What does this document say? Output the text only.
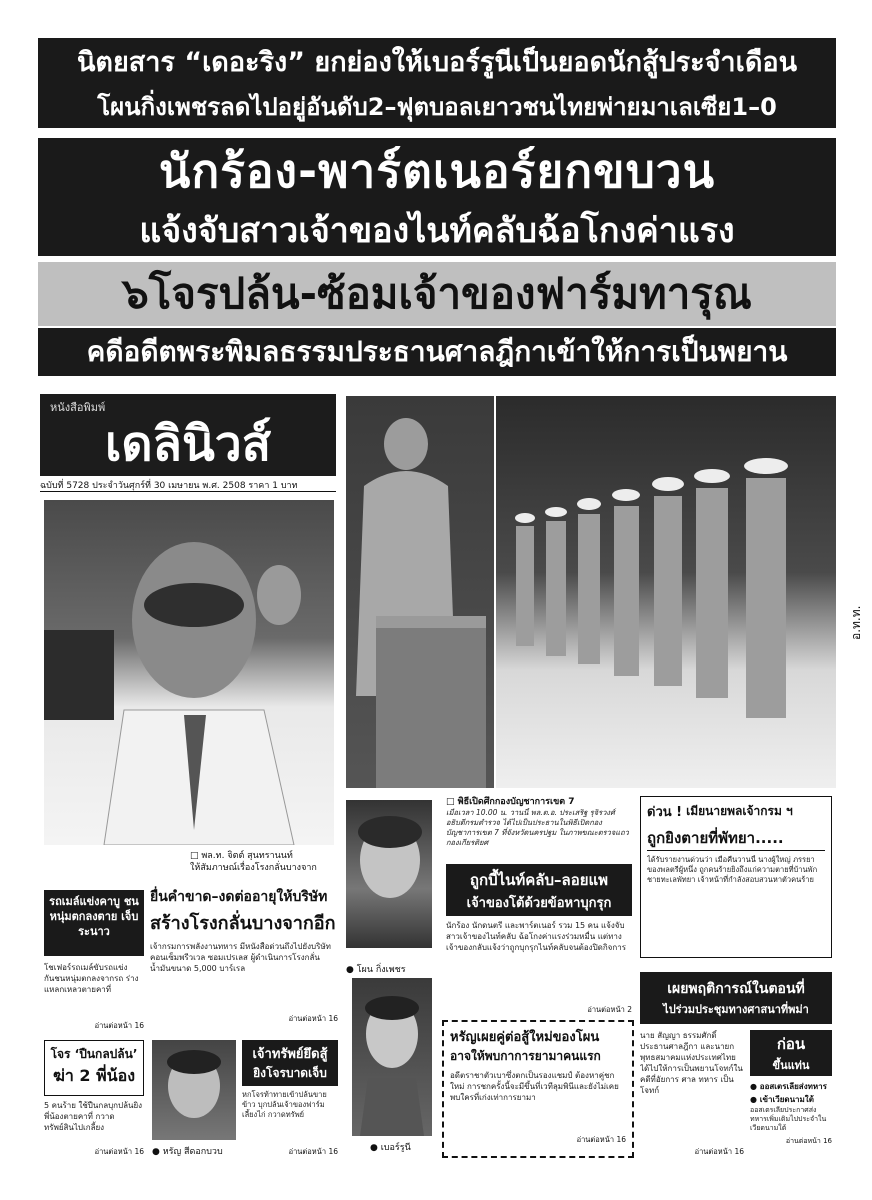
นิตยสาร “เดอะริง” ยกย่องให้เบอร์รูนีเป็นยอดนักสู้ประจำเดือน
โผนกิ่งเพชรลดไปอยู่อันดับ2–ฟุตบอลเยาวชนไทยพ่ายมาเลเซีย1–0
นักร้อง-พาร์ตเนอร์ยกขบวน
แจ้งจับสาวเจ้าของไนท์คลับฉ้อโกงค่าแรง
๖โจรปล้น-ซ้อมเจ้าของฟาร์มทารุณ
คดีอดีตพระพิมลธรรมประธานศาลฎีกาเข้าให้การเป็นพยาน
หนังสือพิมพ์
เดลินิวส์
ฉบับที่ 5728 ประจำวันศุกร์ที่ 30 เมษายน พ.ศ. 2508 ราคา 1 บาท
□ พล.ท. จิตต์ สุนทรานนท์
ให้สัมภาษณ์เรื่องโรงกลั่นบางจาก
อ.ท.ท.
● โผน กิ่งเพชร
● เบอร์รูนี
□ พิธีเปิดศึกกองบัญชาการเขต 7
เมื่อเวลา 10.00 น. วานนี้ พล.ต.อ. ประเสริฐ รุจิรวงศ์ อธิบดีกรมตำรวจ ได้ไปเป็นประธานในพิธีเปิดกองบัญชาการเขต 7 ที่จังหวัดนครปฐม ในภาพขณะตรวจแถวกองเกียรติยศ
ถูกบี้ไนท์คลับ–ลอยแพ
เจ้าของโต้ด้วยข้อหาบุกรุก
นักร้อง นักดนตรี และพาร์ตเนอร์ รวม 15 คน แจ้งจับสาวเจ้าของไนท์คลับ ฉ้อโกงค่าแรงร่วมหมื่น แต่ทางเจ้าของกลับแจ้งว่าถูกบุกรุกไนท์คลับจนต้องปิดกิจการ
อ่านต่อหน้า 2
ด่วน ! เมียนายพลเจ้ากรม ฯ
ถูกยิงตายที่พัทยา.....
ได้รับรายงานด่วนว่า เมื่อคืนวานนี้ นางผู้ใหญ่ ภรรยาของพลตรีผู้หนึ่ง ถูกคนร้ายยิงถึงแก่ความตายที่บ้านพักชายทะเลพัทยา เจ้าหน้าที่กำลังสอบสวนหาตัวคนร้าย
เผยพฤติการณ์ในตอนที่
ไปร่วมประชุมทางศาสนาที่พม่า
นาย สัญญา ธรรมศักดิ์ ประธานศาลฎีกา และนายกพุทธสมาคมแห่งประเทศไทย ได้ไปให้การเป็นพยานโจทก์ในคดีที่อัยการ ศาล ทหาร เป็นโจทก์
อ่านต่อหน้า 16
ก่อน
ขึ้นแท่น
● ออสเตรเลียส่งทหาร
● เข้าเวียดนามใต้
ออสเตรเลียประกาศส่งทหารเพิ่มเติมไปประจำในเวียดนามใต้
อ่านต่อหน้า 16
รถเมล์แข่งคาบู ชนหนุ่มตกลงตาย เจ็บระนาว
โชเฟอร์รถเมล์ขับรถแข่งกันชนหนุ่มตกลงจากรถ ร่างแหลกเหลวตายคาที่
อ่านต่อหน้า 16
ยื่นคำขาด–งดต่ออายุให้บริษัท
สร้างโรงกลั่นบางจากอีก
เจ้ากรมการพลังงานทหาร มีหนังสือด่วนถึงไปยังบริษัท คอนเซ็มพรีวเวล ซอมเปรเลส ผู้ดำเนินการโรงกลั่นน้ำมันขนาด 5,000 บาร์เรล
อ่านต่อหน้า 16
โจร ‘ปืนกลปล้น’
ฆ่า 2 พี่น้อง
5 คนร้าย ใช้ปืนกลบุกปล้นยิงพี่น้องตายคาที่ กวาดทรัพย์สินไปเกลี้ยง
อ่านต่อหน้า 16 ● หรัญ สีดอกบวบ
เจ้าทรัพย์ยึดสู้
ยิงโจรบาดเจ็บ
หกโจรท้าทายเข้าปล้นขายข้าว บุกปล้นเจ้าของฟาร์มเลี้ยงไก่ กวาดทรัพย์
อ่านต่อหน้า 16
หรัญเผยคู่ต่อสู้ใหม่ของโผน
อาจให้พบกาการยามาคนแรก
อดีตราชาตัวเบาซึ่งตกเป็นรองแชมป์ ต้องหาคู่ชกใหม่ การชกครั้งนี้จะมีขึ้นที่เวทีลุมพินีและยังไม่เคยพบใครที่เก่งเท่าการยามา
อ่านต่อหน้า 16
